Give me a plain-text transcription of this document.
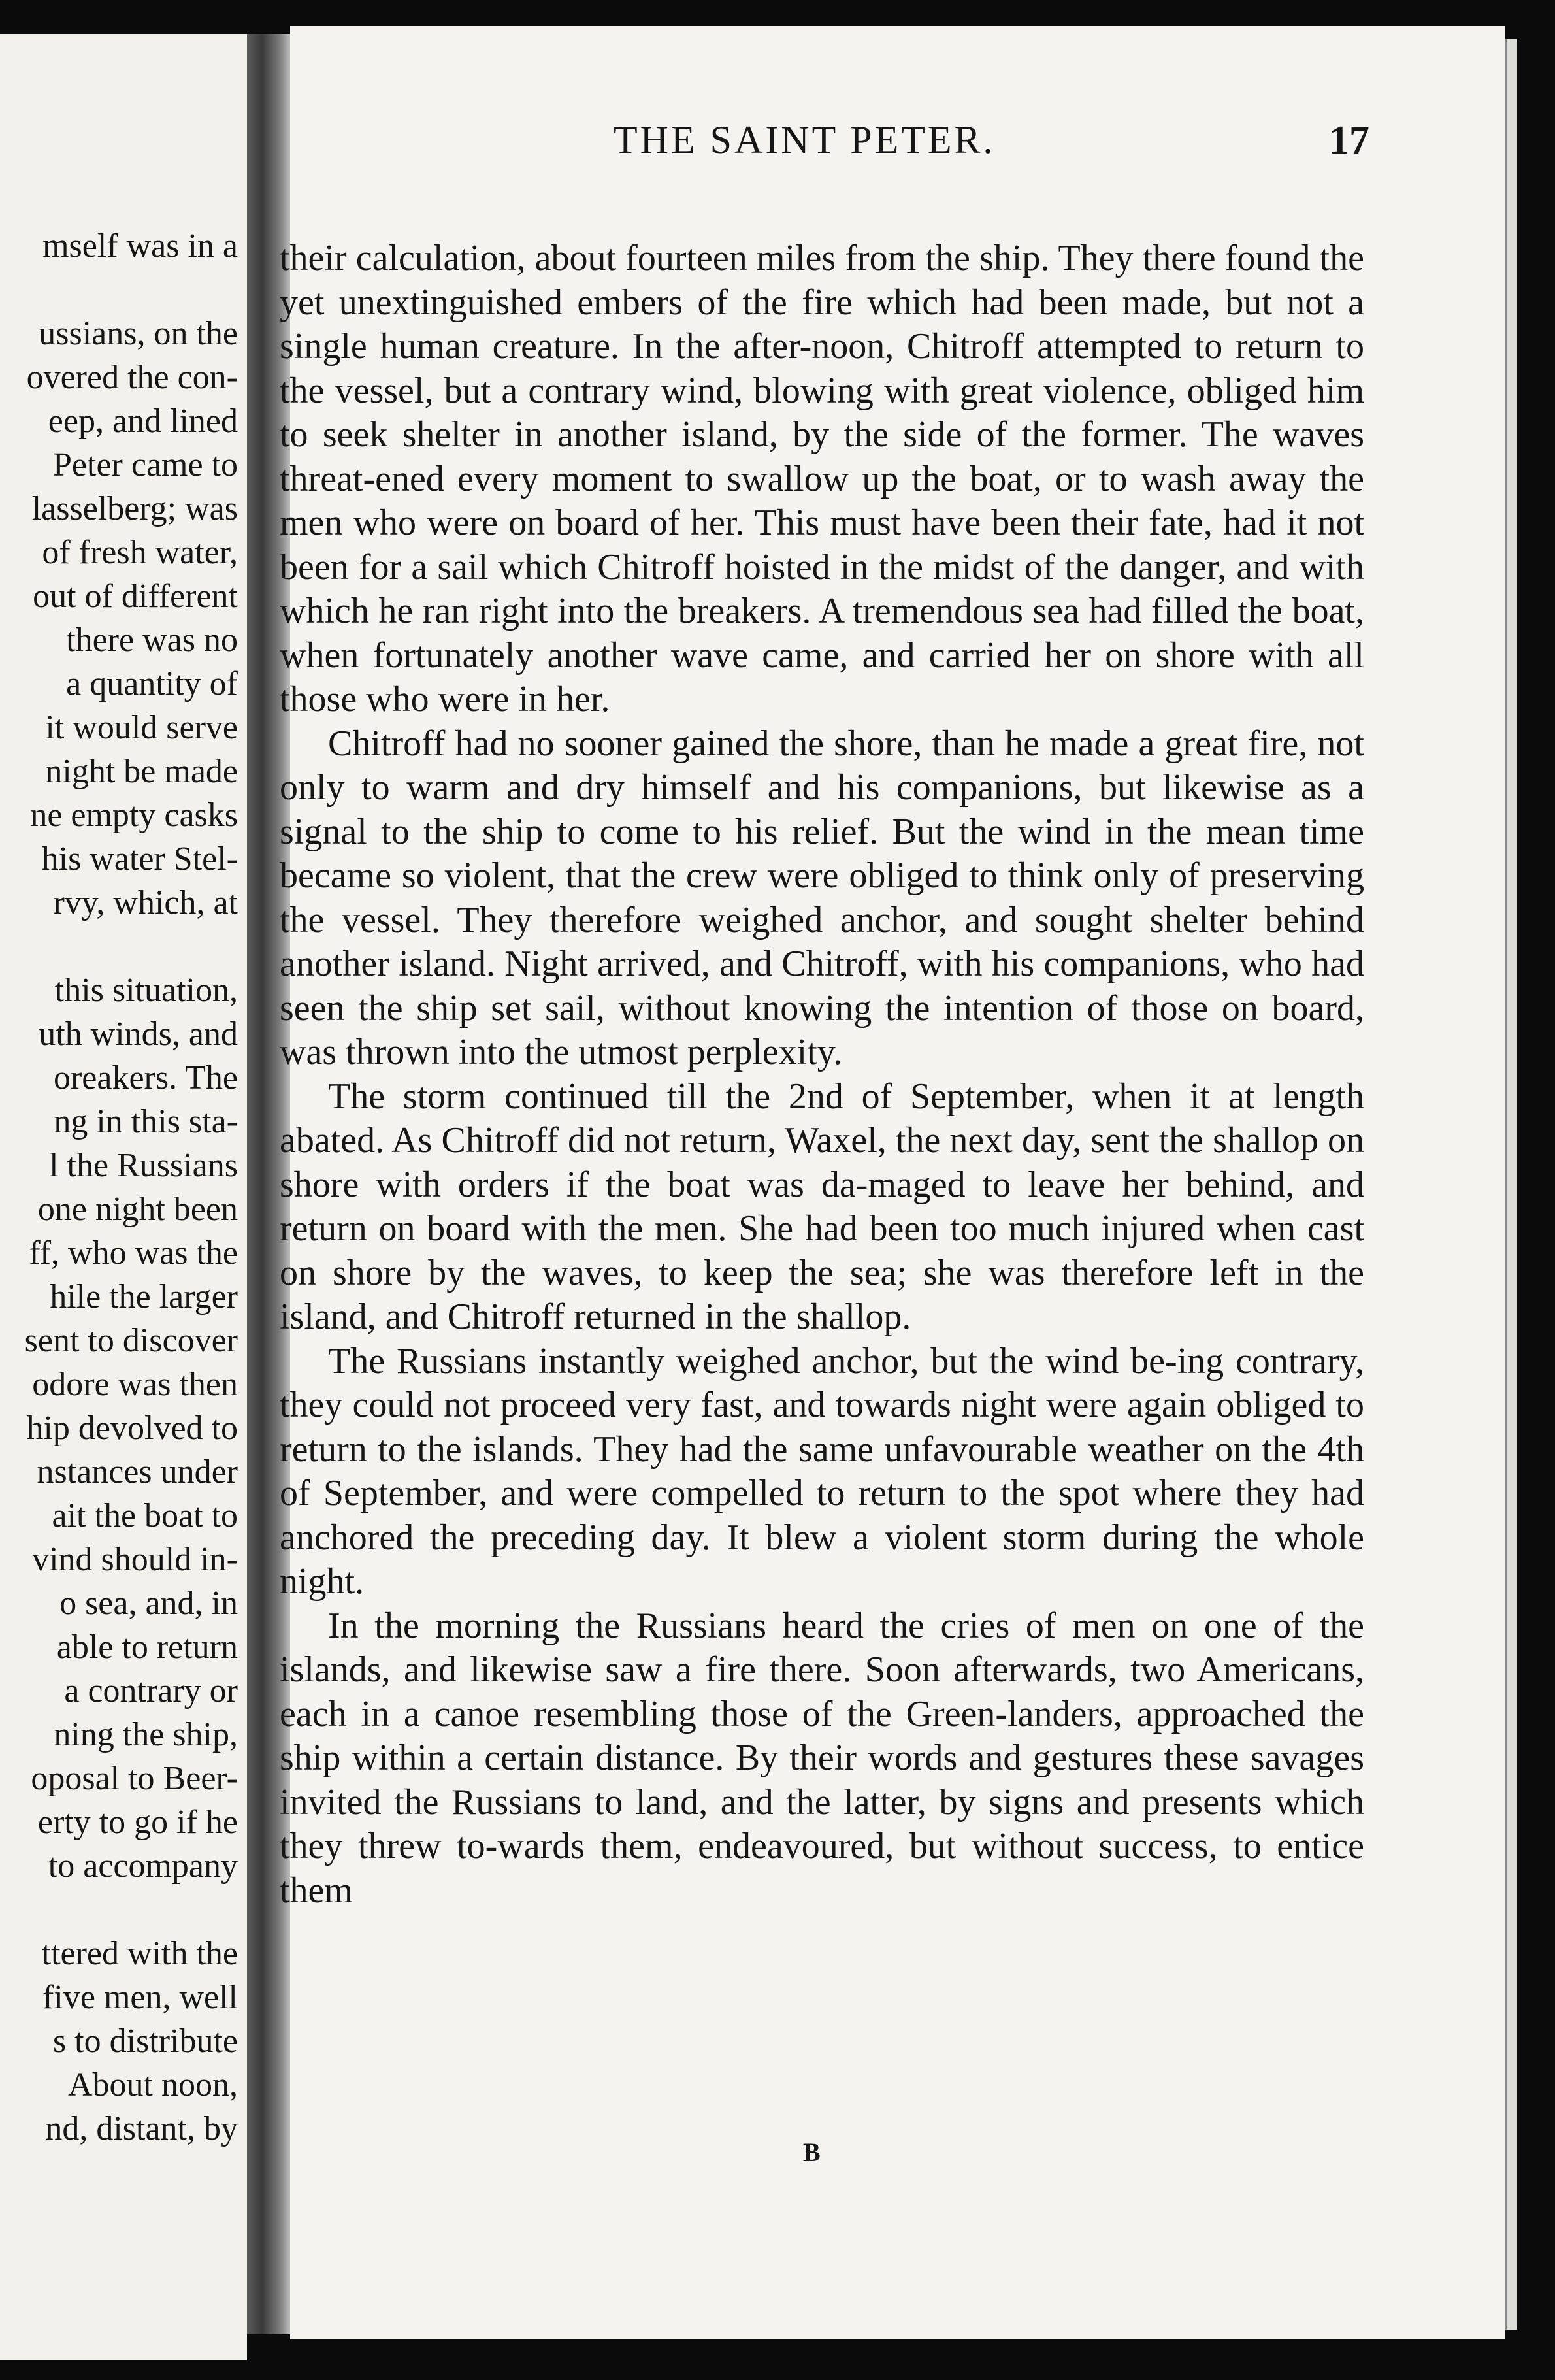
mself was in a
ussians, on the
overed the con-
eep, and lined
Peter came to
lasselberg; was
of fresh water,
out of different
there was no
a quantity of
it would serve
night be made
ne empty casks
his water Stel-
rvy, which, at
this situation,
uth winds, and
oreakers. The
ng in this sta-
l the Russians
one night been
ff, who was the
hile the larger
sent to discover
odore was then
hip devolved to
nstances under
ait the boat to
vind should in-
o sea, and, in
able to return
a contrary or
ning the ship,
oposal to Beer-
erty to go if he
to accompany
ttered with the
five men, well
s to distribute
About noon,
nd, distant, by
THE SAINT PETER.	17

their calculation, about fourteen miles from the ship. They there found the yet unextinguished embers of the fire which had been made, but not a single human creature. In the after-noon, Chitroff attempted to return to the vessel, but a contrary wind, blowing with great violence, obliged him to seek shelter in another island, by the side of the former. The waves threat-ened every moment to swallow up the boat, or to wash away the men who were on board of her. This must have been their fate, had it not been for a sail which Chitroff hoisted in the midst of the danger, and with which he ran right into the breakers. A tremendous sea had filled the boat, when fortunately another wave came, and carried her on shore with all those who were in her.

Chitroff had no sooner gained the shore, than he made a great fire, not only to warm and dry himself and his companions, but likewise as a signal to the ship to come to his relief. But the wind in the mean time became so violent, that the crew were obliged to think only of preserving the vessel. They therefore weighed anchor, and sought shelter behind another island. Night arrived, and Chitroff, with his companions, who had seen the ship set sail, without knowing the intention of those on board, was thrown into the utmost perplexity.

The storm continued till the 2nd of September, when it at length abated. As Chitroff did not return, Waxel, the next day, sent the shallop on shore with orders if the boat was da-maged to leave her behind, and return on board with the men. She had been too much injured when cast on shore by the waves, to keep the sea; she was therefore left in the island, and Chitroff returned in the shallop.

The Russians instantly weighed anchor, but the wind be-ing contrary, they could not proceed very fast, and towards night were again obliged to return to the islands. They had the same unfavourable weather on the 4th of September, and were compelled to return to the spot where they had anchored the preceding day. It blew a violent storm during the whole night.

In the morning the Russians heard the cries of men on one of the islands, and likewise saw a fire there. Soon afterwards, two Americans, each in a canoe resembling those of the Green-landers, approached the ship within a certain distance. By their words and gestures these savages invited the Russians to land, and the latter, by signs and presents which they threw to-wards them, endeavoured, but without success, to entice them

B
